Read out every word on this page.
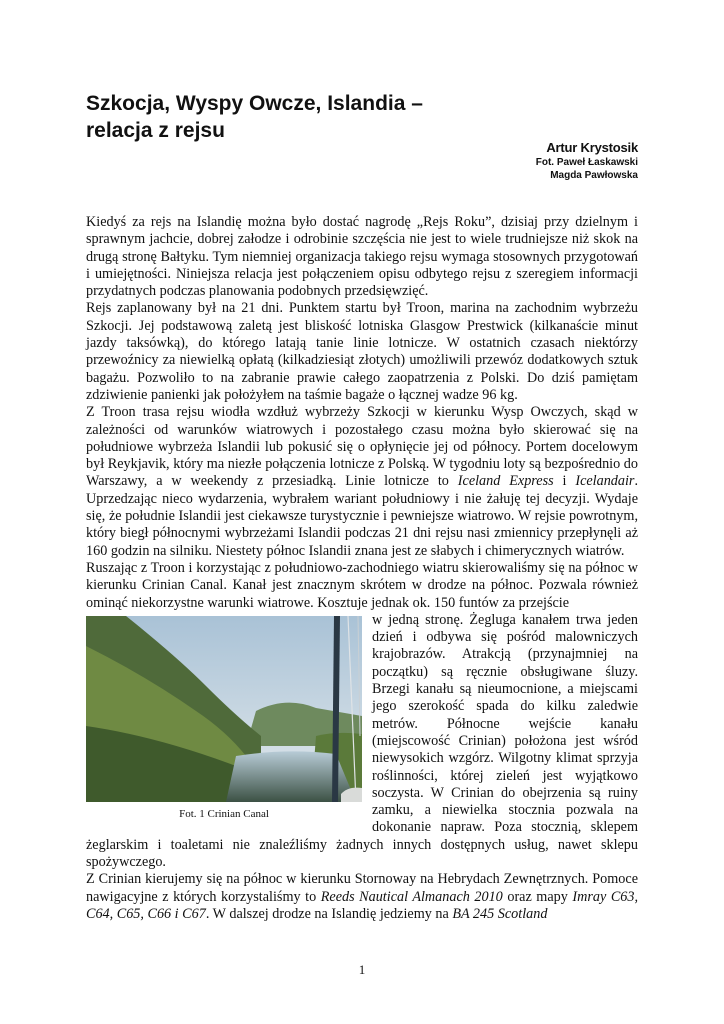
Szkocja, Wyspy Owcze, Islandia –
relacja z rejsu
Artur Krystosik
Fot. Paweł Łaskawski
Magda Pawłowska

Kiedyś za rejs na Islandię można było dostać nagrodę „Rejs Roku”, dzisiaj przy dzielnym i sprawnym jachcie, dobrej załodze i odrobinie szczęścia nie jest to wiele trudniejsze niż skok na drugą stronę Bałtyku. Tym niemniej organizacja takiego rejsu wymaga stosownych przygotowań i umiejętności. Niniejsza relacja jest połączeniem opisu odbytego rejsu z szeregiem informacji przydatnych podczas planowania podobnych przedsięwzięć.

Rejs zaplanowany był na 21 dni. Punktem startu był Troon, marina na zachodnim wybrzeżu Szkocji. Jej podstawową zaletą jest bliskość lotniska Glasgow Prestwick (kilkanaście minut jazdy taksówką), do którego latają tanie linie lotnicze. W ostatnich czasach niektórzy przewoźnicy za niewielką opłatą (kilkadziesiąt złotych) umożliwili przewóz dodatkowych sztuk bagażu. Pozwoliło to na zabranie prawie całego zaopatrzenia z Polski. Do dziś pamiętam zdziwienie panienki jak położyłem na taśmie bagaże o łącznej wadze 96 kg.

Z Troon trasa rejsu wiodła wzdłuż wybrzeży Szkocji w kierunku Wysp Owczych, skąd w zależności od warunków wiatrowych i pozostałego czasu można było skierować się na południowe wybrzeża Islandii lub pokusić się o opłynięcie jej od północy. Portem docelowym był Reykjavik, który ma niezłe połączenia lotnicze z Polską. W tygodniu loty są bezpośrednio do Warszawy, a w weekendy z przesiadką. Linie lotnicze to Iceland Express i Icelandair. Uprzedzając nieco wydarzenia, wybrałem wariant południowy i nie żałuję tej decyzji. Wydaje się, że południe Islandii jest ciekawsze turystycznie i pewniejsze wiatrowo. W rejsie powrotnym, który biegł północnymi wybrzeżami Islandii podczas 21 dni rejsu nasi zmiennicy przepłynęli aż 160 godzin na silniku. Niestety północ Islandii znana jest ze słabych i chimerycznych wiatrów.

Ruszając z Troon i korzystając z południowo-zachodniego wiatru skierowaliśmy się na północ w kierunku Crinian Canal. Kanał jest znacznym skrótem w drodze na północ. Pozwala również ominąć niekorzystne warunki wiatrowe. Kosztuje jednak ok. 150 funtów za przejście

Fot. 1 Crinian Canal

w jedną stronę. Żegluga kanałem trwa jeden dzień i odbywa się pośród malowniczych krajobrazów. Atrakcją (przynajmniej na początku) są ręcznie obsługiwane śluzy. Brzegi kanału są nieumocnione, a miejscami jego szerokość spada do kilku zaledwie metrów. Północne wejście kanału (miejscowość Crinian) położona jest wśród niewysokich wzgórz. Wilgotny klimat sprzyja roślinności, której zieleń jest wyjątkowo soczysta. W Crinian do obejrzenia są ruiny zamku, a niewielka stocznia pozwala na dokonanie napraw. Poza stocznią, sklepem żeglarskim i toaletami nie znaleźliśmy żadnych innych dostępnych usług, nawet sklepu spożywczego.

Z Crinian kierujemy się na północ w kierunku Stornoway na Hebrydach Zewnętrznych. Pomoce nawigacyjne z których korzystaliśmy to Reeds Nautical Almanach 2010 oraz mapy Imray C63, C64, C65, C66 i C67. W dalszej drodze na Islandię jedziemy na BA 245 Scotland

1
